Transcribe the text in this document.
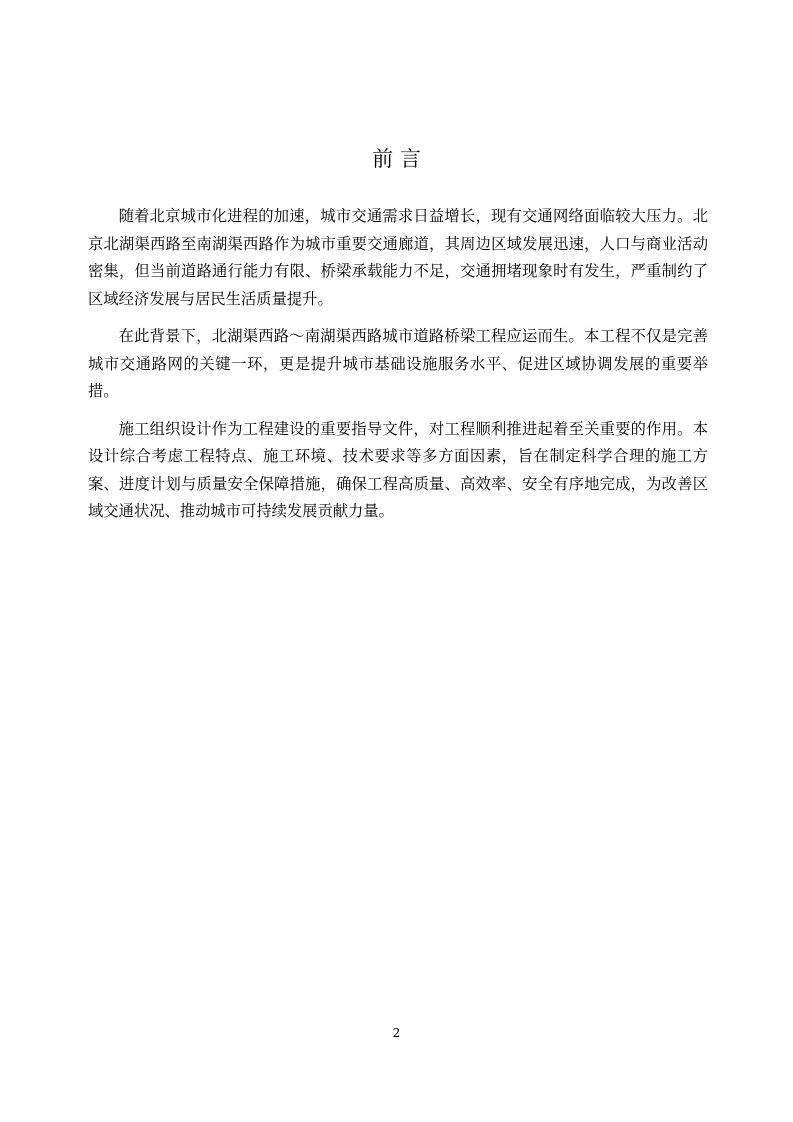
前 言

随着北京城市化进程的加速，城市交通需求日益增长，现有交通网络面临较大压力。北京北湖渠西路至南湖渠西路作为城市重要交通廊道，其周边区域发展迅速，人口与商业活动密集，但当前道路通行能力有限、桥梁承载能力不足，交通拥堵现象时有发生，严重制约了区域经济发展与居民生活质量提升。

在此背景下，北湖渠西路～南湖渠西路城市道路桥梁工程应运而生。本工程不仅是完善城市交通路网的关键一环，更是提升城市基础设施服务水平、促进区域协调发展的重要举措。

施工组织设计作为工程建设的重要指导文件，对工程顺利推进起着至关重要的作用。本设计综合考虑工程特点、施工环境、技术要求等多方面因素，旨在制定科学合理的施工方案、进度计划与质量安全保障措施，确保工程高质量、高效率、安全有序地完成，为改善区域交通状况、推动城市可持续发展贡献力量。

2
